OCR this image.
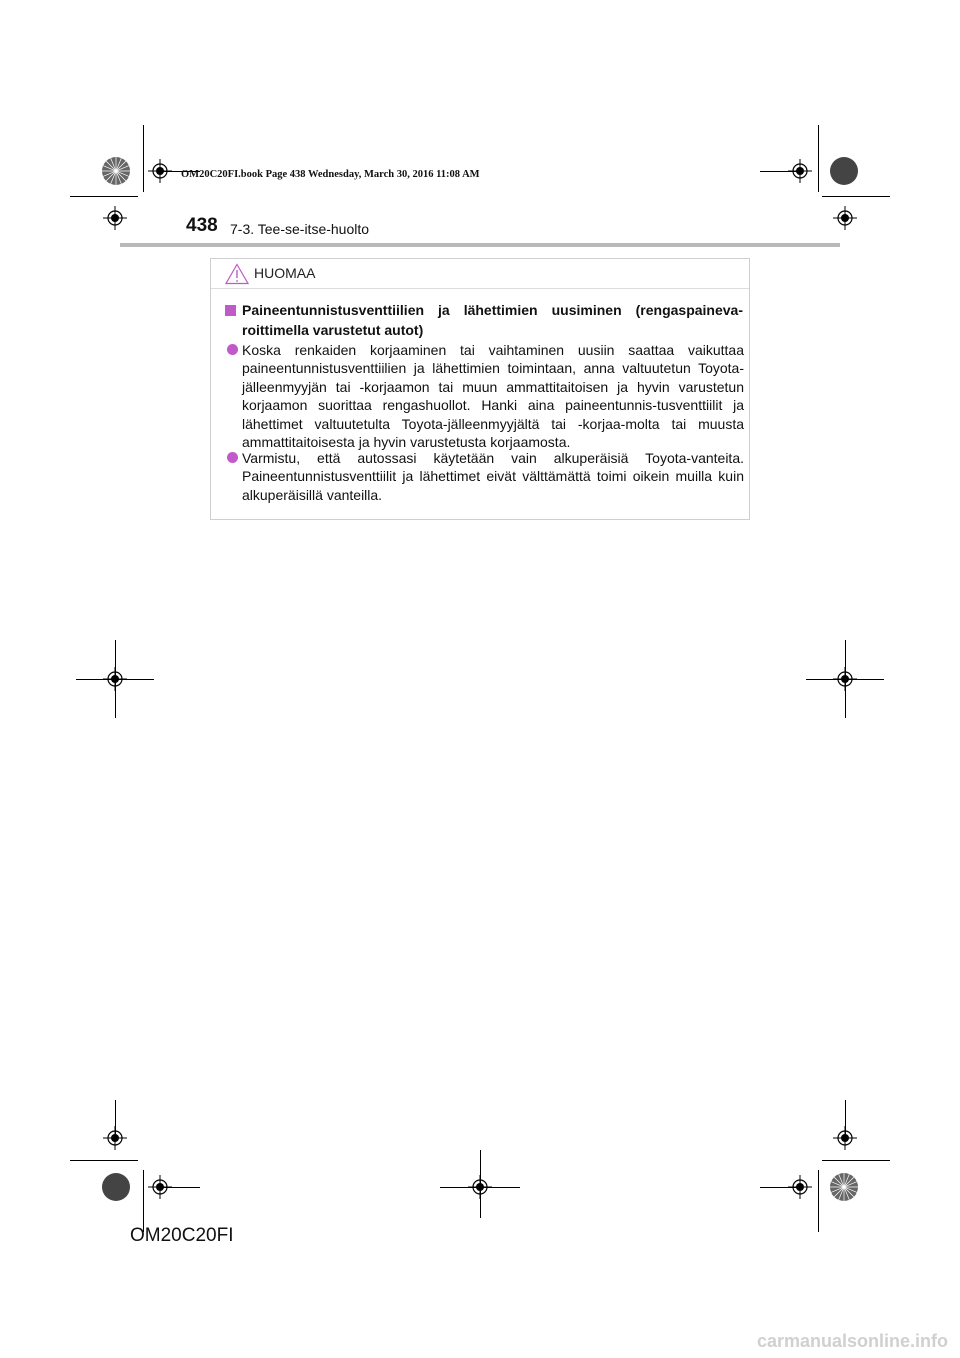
OM20C20FI.book Page 438 Wednesday, March 30, 2016 11:08 AM
438 7-3. Tee-se-itse-huolto
HUOMAA
Paineentunnistusventtiilien ja lähettimien uusiminen (rengaspaineva-roittimella varustetut autot)
Koska renkaiden korjaaminen tai vaihtaminen uusiin saattaa vaikuttaa paineentunnistusventtiilien ja lähettimien toimintaan, anna valtuutetun Toyota-jälleenmyyjän tai -korjaamon tai muun ammattitaitoisen ja hyvin varustetun korjaamon suorittaa rengashuollot. Hanki aina paineentunnis-tusventtiilit ja lähettimet valtuutetulta Toyota-jälleenmyyjältä tai -korjaa-molta tai muusta ammattitaitoisesta ja hyvin varustetusta korjaamosta.
Varmistu, että autossasi käytetään vain alkuperäisiä Toyota-vanteita. Paineentunnistusventtiilit ja lähettimet eivät välttämättä toimi oikein muilla kuin alkuperäisillä vanteilla.
OM20C20FI
carmanualsonline.info
